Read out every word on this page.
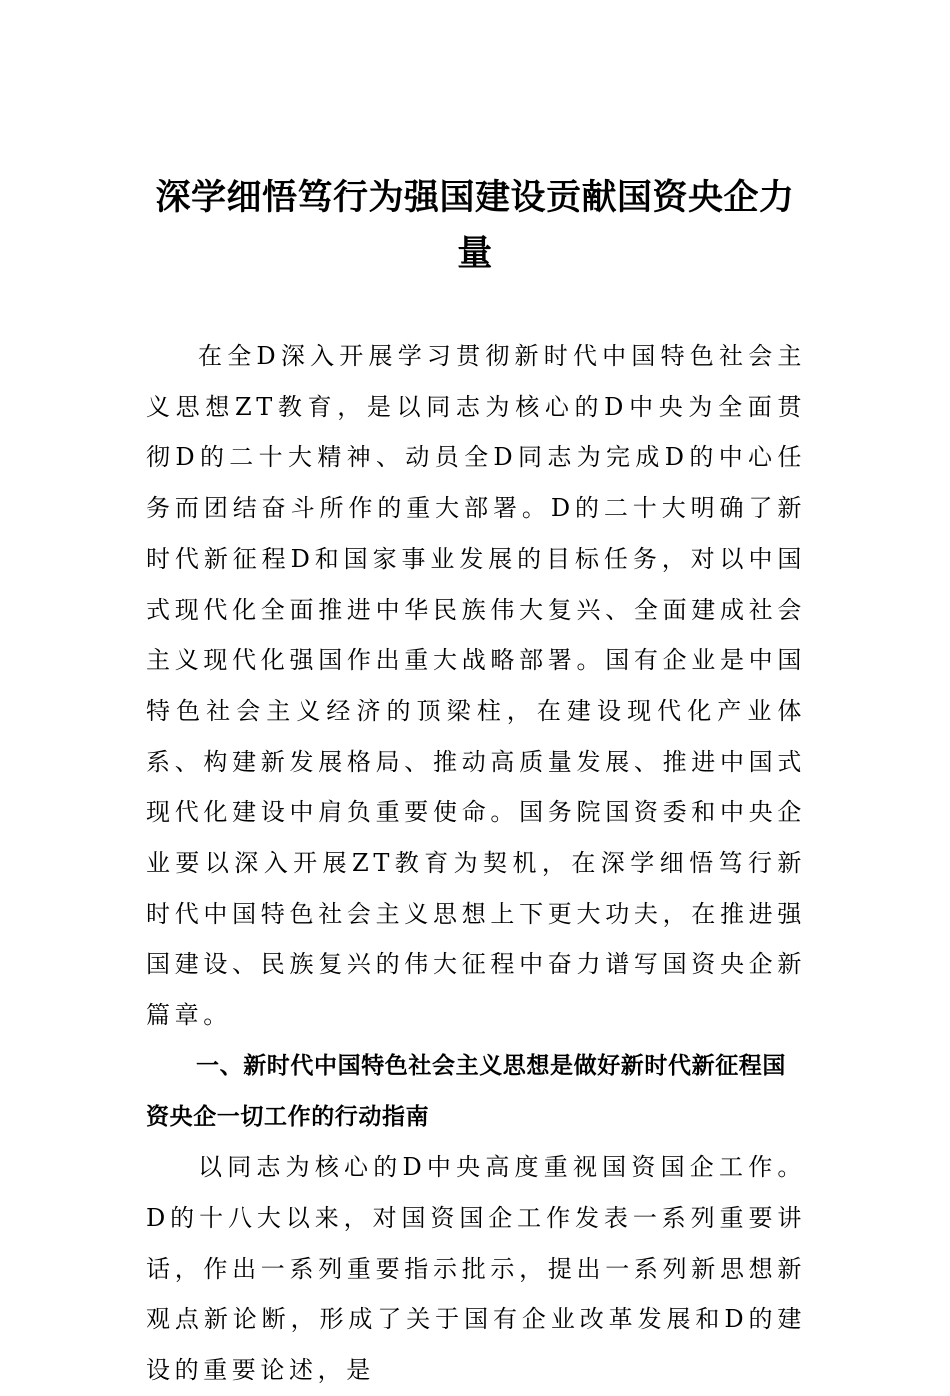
深学细悟笃行为强国建设贡献国资央企力量

在全D深入开展学习贯彻新时代中国特色社会主义思想ZT教育，是以同志为核心的D中央为全面贯彻D的二十大精神、动员全D同志为完成D的中心任务而团结奋斗所作的重大部署。D的二十大明确了新时代新征程D和国家事业发展的目标任务，对以中国式现代化全面推进中华民族伟大复兴、全面建成社会主义现代化强国作出重大战略部署。国有企业是中国特色社会主义经济的顶梁柱，在建设现代化产业体系、构建新发展格局、推动高质量发展、推进中国式现代化建设中肩负重要使命。国务院国资委和中央企业要以深入开展ZT教育为契机，在深学细悟笃行新时代中国特色社会主义思想上下更大功夫，在推进强国建设、民族复兴的伟大征程中奋力谱写国资央企新篇章。

一、新时代中国特色社会主义思想是做好新时代新征程国资央企一切工作的行动指南

以同志为核心的D中央高度重视国资国企工作。D的十八大以来，对国资国企工作发表一系列重要讲话，作出一系列重要指示批示，提出一系列新思想新观点新论断，形成了关于国有企业改革发展和D的建设的重要论述，是
